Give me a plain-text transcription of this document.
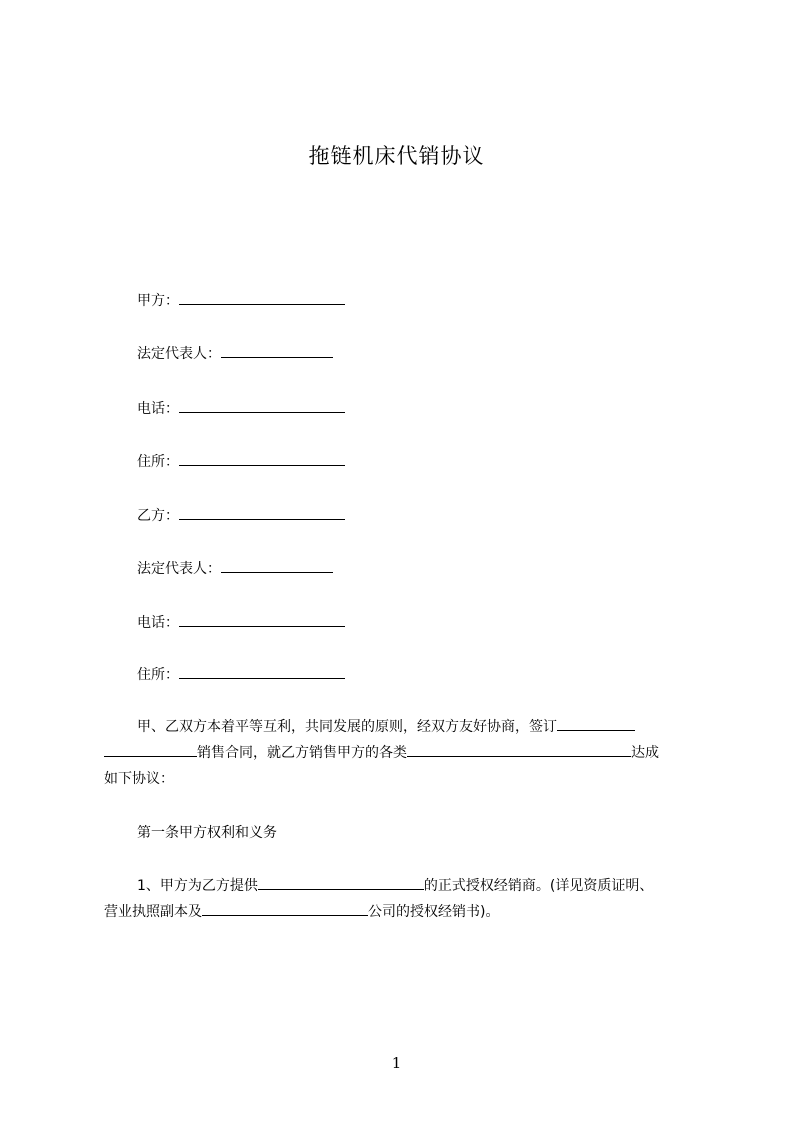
拖链机床代销协议
甲方：
法定代表人：
电话：
住所：
乙方：
法定代表人：
电话：
住所：
甲、乙双方本着平等互利，共同发展的原则，经双方友好协商，签订
销售合同，就乙方销售甲方的各类	达成
如下协议：
第一条甲方权利和义务
1、甲方为乙方提供	的正式授权经销商。(详见资质证明、
营业执照副本及	公司的授权经销书)。
1
